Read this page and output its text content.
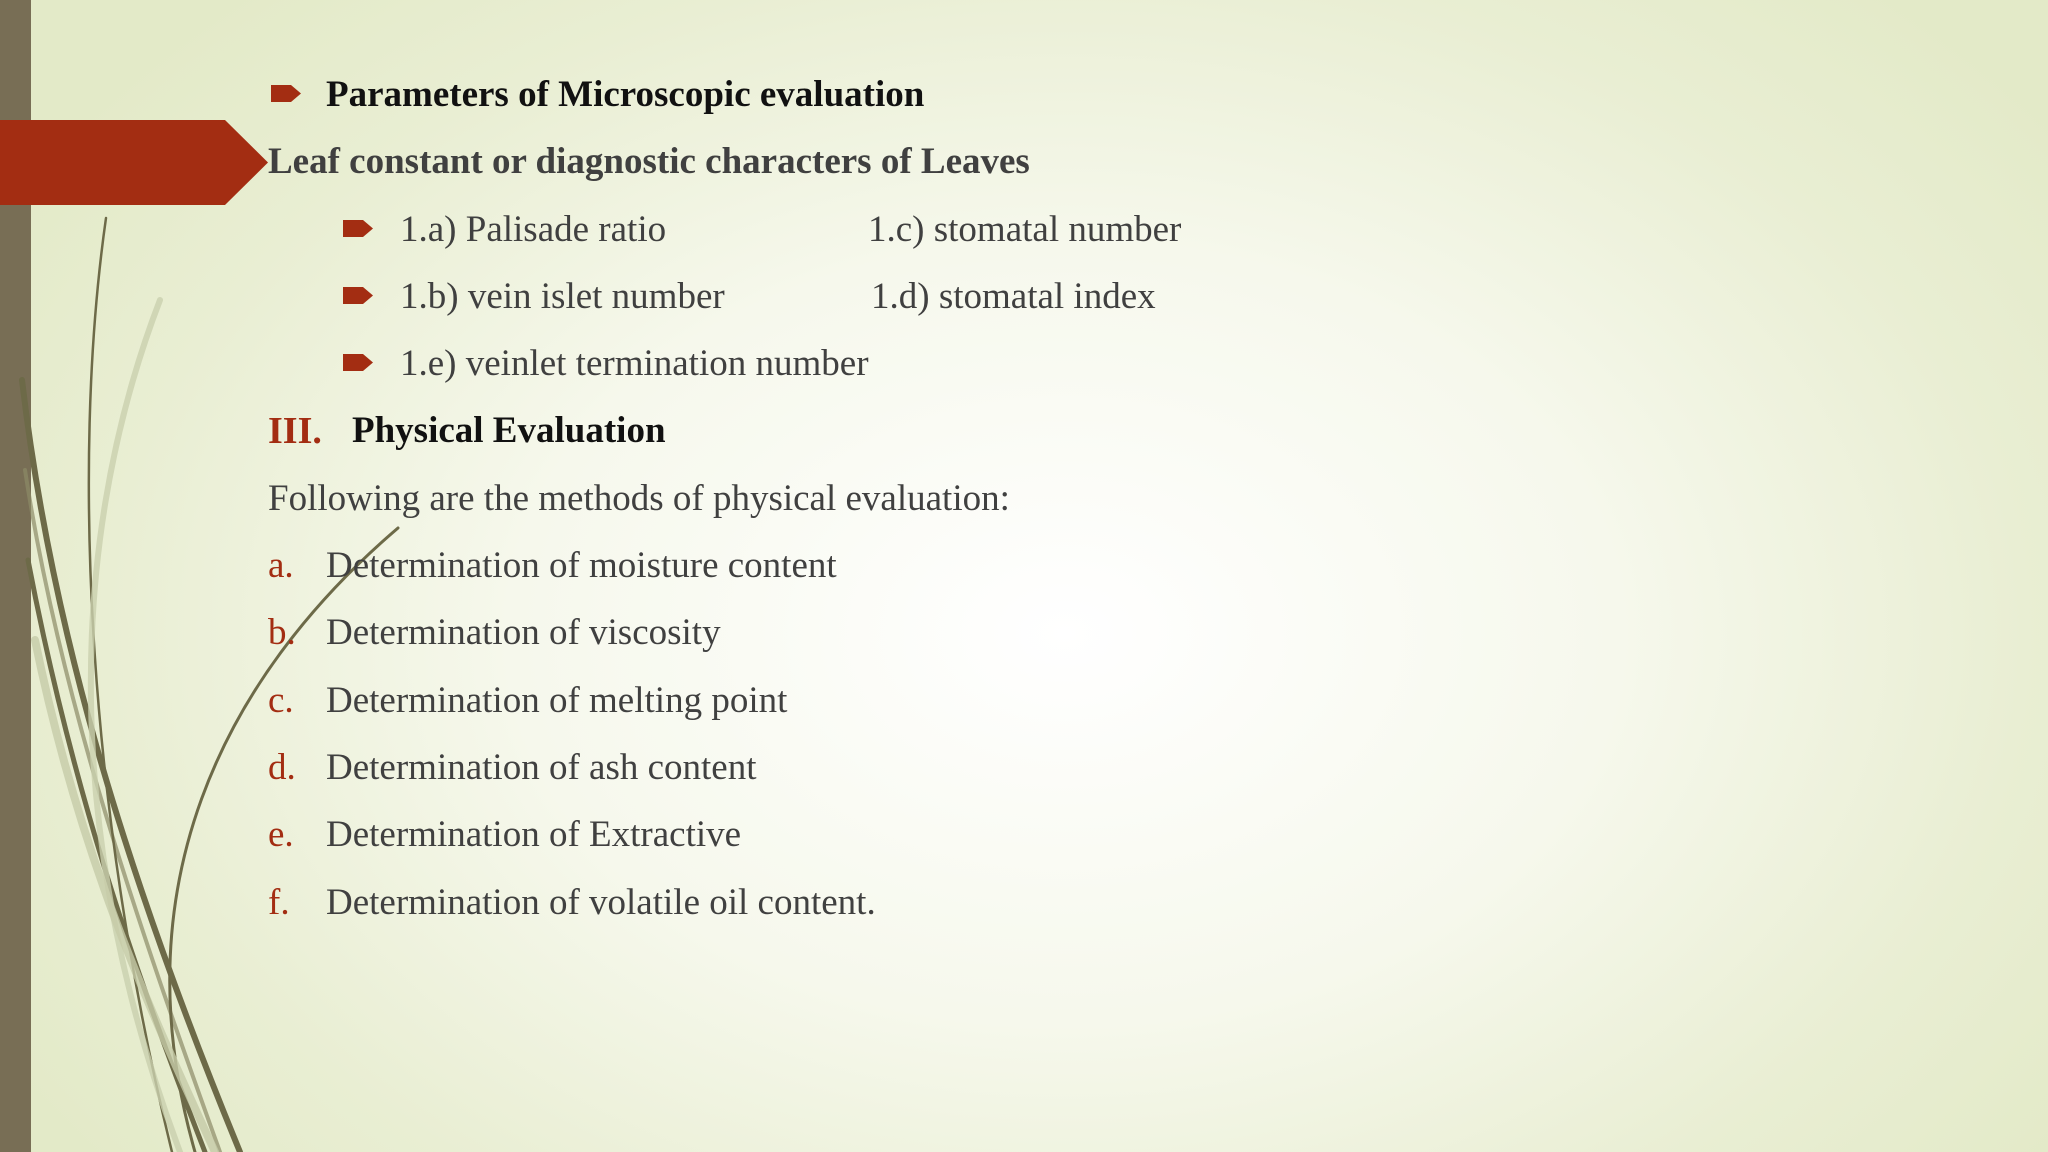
Parameters of Microscopic evaluation
Leaf constant or diagnostic characters of Leaves
1.a) Palisade ratio	1.c) stomatal number
1.b) vein islet number	1.d) stomatal index
1.e) veinlet termination number
III. Physical Evaluation
Following are the methods of physical evaluation:
a. Determination of moisture content
b. Determination of viscosity
c. Determination of melting point
d. Determination of ash content
e. Determination of Extractive
f. Determination of volatile oil content.
